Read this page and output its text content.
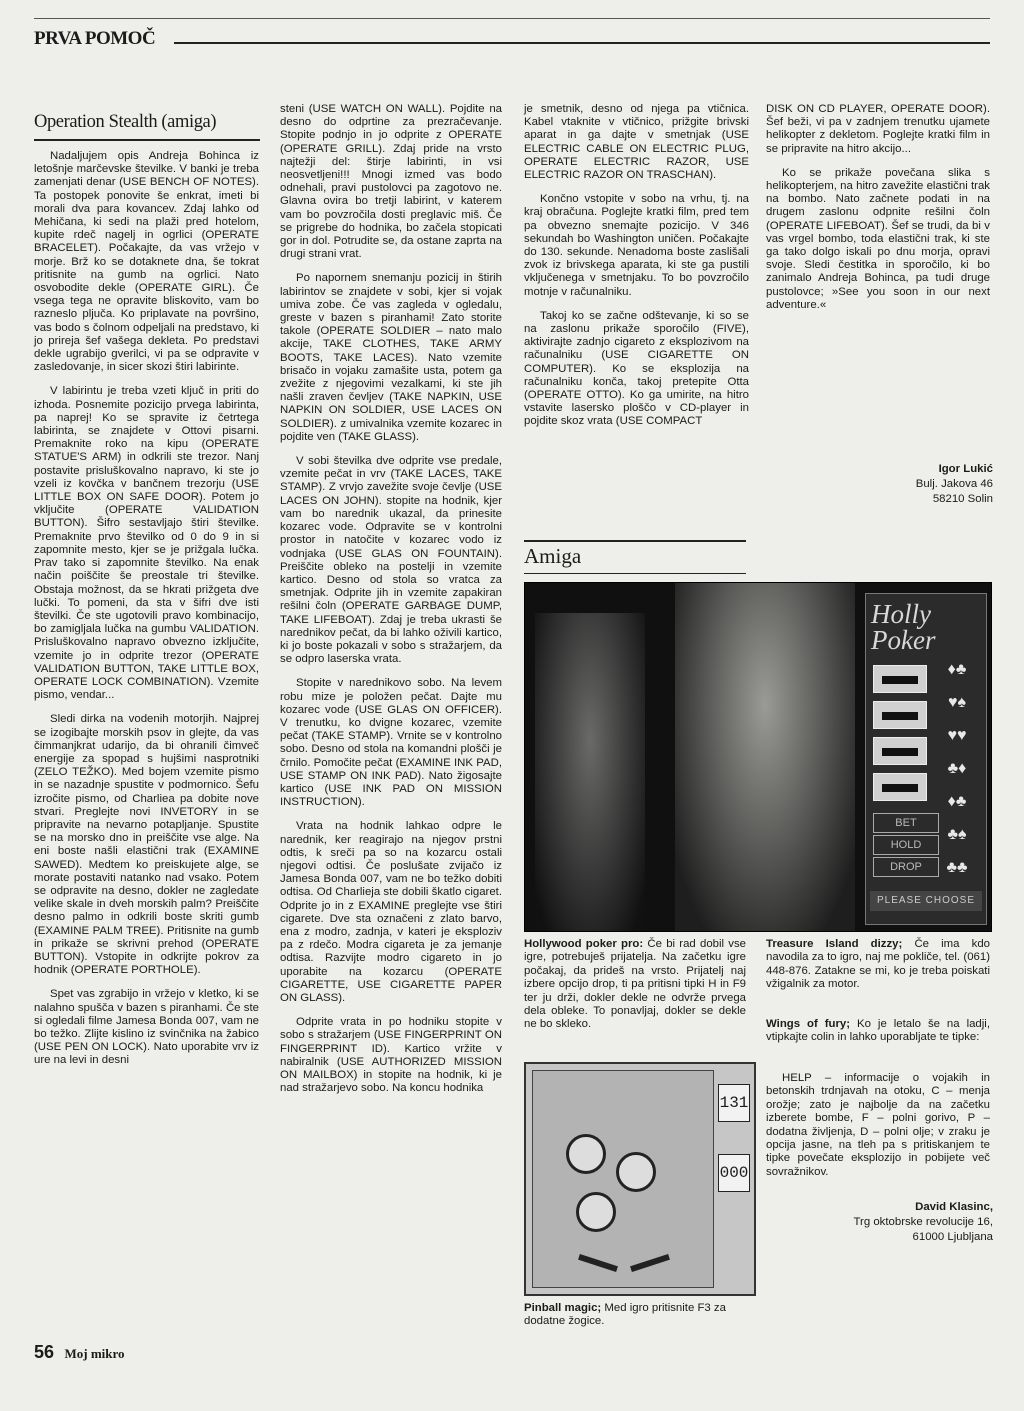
PRVA POMOČ
Operation Stealth (amiga)

Nadaljujem opis Andreja Bohinca iz letošnje marčevske številke. V banki je treba zamenjati denar (USE BENCH OF NOTES). Ta postopek ponovite še enkrat, imeti bi morali dva para kovancev. Zdaj lahko od Mehičana, ki sedi na plaži pred hotelom, kupite rdeč nagelj in ogrlici (OPERATE BRACELET). Počakajte, da vas vržejo v morje. Brž ko se dotaknete dna, še tokrat pritisnite na gumb na ogrlici. Nato osvobodite dekle (OPERATE GIRL). Če vsega tega ne opravite bliskovito, vam bo razneslo pljuča. Ko priplavate na površino, vas bodo s čolnom odpeljali na predstavo, ki jo prireja šef vašega dekleta. Po predstavi dekle ugrabijo gverilci, vi pa se odpravite v zasledovanje, in sicer skozi štiri labirinte.

V labirintu je treba vzeti ključ in priti do izhoda. Posnemite pozicijo prvega labirinta, pa naprej! Ko se spravite iz četrtega labirinta, se znajdete v Ottovi pisarni. Premaknite roko na kipu (OPERATE STATUE'S ARM) in odkrili ste trezor. Nanj postavite prisluškovalno napravo, ki ste jo vzeli iz kovčka v bančnem trezorju (USE LITTLE BOX ON SAFE DOOR). Potem jo vključite (OPERATE VALIDATION BUTTON). Šifro sestavljajo štiri številke. Premaknite prvo številko od 0 do 9 in si zapomnite mesto, kjer se je prižgala lučka. Prav tako si zapomnite številko. Na enak način poiščite še preostale tri številke. Obstaja možnost, da se hkrati prižgeta dve lučki. To pomeni, da sta v šifri dve isti številki. Če ste ugotovili pravo kombinacijo, bo zamigljala lučka na gumbu VALIDATION. Prisluškovalno napravo obvezno izključite, vzemite jo in odprite trezor (OPERATE VALIDATION BUTTON, TAKE LITTLE BOX, OPERATE LOCK COMBINATION). Vzemite pismo, vendar...

Sledi dirka na vodenih motorjih. Najprej se izogibajte morskih psov in glejte, da vas čimmanjkrat udarijo, da bi ohranili čimveč energije za spopad s hujšimi nasprotniki (ZELO TEŽKO). Med bojem vzemite pismo in se nazadnje spustite v podmornico. Šefu izročite pismo, od Charliea pa dobite nove stvari. Preglejte novi INVETORY in se pripravite na nevarno potapljanje. Spustite se na morsko dno in preiščite vse alge. Na eni boste našli elastični trak (EXAMINE SAWED). Medtem ko preiskujete alge, se morate postaviti natanko nad vsako. Potem se odpravite na desno, dokler ne zagledate velike skale in dveh morskih palm? Preiščite desno palmo in odkrili boste skriti gumb (EXAMINE PALM TREE). Pritisnite na gumb in prikaže se skrivni prehod (OPERATE BUTTON). Vstopite in odkrijte pokrov za hodnik (OPERATE PORTHOLE).

Spet vas zgrabijo in vržejo v kletko, ki se nalahno spušča v bazen s piranhami. Če ste si ogledali filme Jamesa Bonda 007, vam ne bo težko. Zlijte kislino iz svinčnika na žabico (USE PEN ON LOCK). Nato uporabite vrv iz ure na levi in desni

steni (USE WATCH ON WALL). Pojdite na desno do odprtine za prezračevanje. Stopite podnjo in jo odprite z OPERATE (OPERATE GRILL). Zdaj pride na vrsto najtežji del: štirje labirinti, in vsi neosvetljeni!!! Mnogi izmed vas bodo odnehali, pravi pustolovci pa zagotovo ne. Glavna ovira bo tretji labirint, v katerem vam bo povzročila dosti preglavic miš. Če se prigrebe do hodnika, bo začela stopicati gor in dol. Potrudite se, da ostane zaprta na drugi strani vrat.

Po napornem snemanju pozicij in štirih labirintov se znajdete v sobi, kjer si vojak umiva zobe. Če vas zagleda v ogledalu, greste v bazen s piranhami! Zato storite takole (OPERATE SOLDIER – nato malo akcije, TAKE CLOTHES, TAKE ARMY BOOTS, TAKE LACES). Nato vzemite brisačo in vojaku zamašite usta, potem ga zvežite z njegovimi vezalkami, ki ste jih našli zraven čevljev (TAKE NAPKIN, USE NAPKIN ON SOLDIER, USE LACES ON SOLDIER). z umivalnika vzemite kozarec in pojdite ven (TAKE GLASS).

V sobi številka dve odprite vse predale, vzemite pečat in vrv (TAKE LACES, TAKE STAMP). Z vrvjo zavežite svoje čevlje (USE LACES ON JOHN). stopite na hodnik, kjer vam bo narednik ukazal, da prinesite kozarec vode. Odpravite se v kontrolni prostor in natočite v kozarec vodo iz vodnjaka (USE GLAS ON FOUNTAIN). Preiščite obleko na postelji in vzemite kartico. Desno od stola so vratca za smetnjak. Odprite jih in vzemite zapakiran rešilni čoln (OPERATE GARBAGE DUMP, TAKE LIFEBOAT). Zdaj je treba ukrasti še narednikov pečat, da bi lahko oživili kartico, ki jo boste pokazali v sobo s stražarjem, da se odpro laserska vrata.

Stopite v narednikovo sobo. Na levem robu mize je položen pečat. Dajte mu kozarec vode (USE GLAS ON OFFICER). V trenutku, ko dvigne kozarec, vzemite pečat (TAKE STAMP). Vrnite se v kontrolno sobo. Desno od stola na komandni plošči je črnilo. Pomočite pečat (EXAMINE INK PAD, USE STAMP ON INK PAD). Nato žigosajte kartico (USE INK PAD ON MISSION INSTRUCTION).

Vrata na hodnik lahkao odpre le narednik, ker reagirajo na njegov prstni odtis, k sreči pa so na kozarcu ostali njegovi odtisi. Če poslušate zvijačo iz Jamesa Bonda 007, vam ne bo težko dobiti odtisa. Od Charlieja ste dobili škatlo cigaret. Odprite jo in z EXAMINE preglejte vse štiri cigarete. Dve sta označeni z zlato barvo, ena z modro, zadnja, v kateri je eksploziv pa z rdečo. Modra cigareta je za jemanje odtisa. Razvijte modro cigareto in jo uporabite na kozarcu (OPERATE CIGARETTE, USE CIGARETTE PAPER ON GLASS).

Odprite vrata in po hodniku stopite v sobo s stražarjem (USE FINGERPRINT ON FINGERPRINT ID). Kartico vržite v nabiralnik (USE AUTHORIZED MISSION ON MAILBOX) in stopite na hodnik, ki je nad stražarjevo sobo. Na koncu hodnika

je smetnik, desno od njega pa vtičnica. Kabel vtaknite v vtičnico, prižgite brivski aparat in ga dajte v smetnjak (USE ELECTRIC CABLE ON ELECTRIC PLUG, OPERATE ELECTRIC RAZOR, USE ELECTRIC RAZOR ON TRASCHAN).

Končno vstopite v sobo na vrhu, tj. na kraj obračuna. Poglejte kratki film, pred tem pa obvezno snemajte pozicijo. V 346 sekundah bo Washington uničen. Počakajte do 130. sekunde. Nenadoma boste zaslišali zvok iz brivskega aparata, ki ste ga pustili vključenega v smetnjaku. To bo povzročilo motnje v računalniku.

Takoj ko se začne odštevanje, ki so se na zaslonu prikaže sporočilo (FIVE), aktivirajte zadnjo cigareto z eksplozivom na računalniku (USE CIGARETTE ON COMPUTER). Ko se eksplozija na računalniku konča, takoj pretepite Otta (OPERATE OTTO). Ko ga umirite, na hitro vstavite lasersko ploščo v CD-player in pojdite skoz vrata (USE COMPACT

DISK ON CD PLAYER, OPERATE DOOR). Šef beži, vi pa v zadnjem trenutku ujamete helikopter z dekletom. Poglejte kratki film in se pripravite na hitro akcijo...

Ko se prikaže povečana slika s helikopterjem, na hitro zavežite elastični trak na bombo. Nato začnete podati in na drugem zaslonu odpnite rešilni čoln (OPERATE LIFEBOAT). Šef se trudi, da bi v vas vrgel bombo, toda elastični trak, ki ste ga tako dolgo iskali po dnu morja, opravi svoje. Sledi čestitka in sporočilo, ki bo zanimalo Andreja Bohinca, pa tudi druge pustolovce; »See you soon in our next adventure.«

Igor Lukić
Bulj. Jakova 46
58210 Solin
Amiga
Holly Poker
♦♣
♥♠
♥♥
♣♦
♦♣
♣♠
♣♣
BET
HOLD
DROP
PLEASE CHOOSE
Hollywood poker pro: Če bi rad dobil vse igre, potrebuješ prijatelja. Na začetku igre počakaj, da prideš na vrsto. Prijatelj naj izbere opcijo drop, ti pa pritisni tipki H in F9 ter ju drži, dokler dekle ne odvrže prvega dela obleke. To ponavljaj, dokler se dekle ne bo skleko.
Treasure Island dizzy; Če ima kdo navodila za to igro, naj me pokliče, tel. (061) 448-876. Zatakne se mi, ko je treba poiskati vžigalnik za motor.
Wings of fury; Ko je letalo še na ladji, vtipkajte colin in lahko uporabljate te tipke:
HELP – informacije o vojakih in betonskih trdnjavah na otoku, C – menja orožje; zato je najbolje da na začetku izberete bombe, F – polni gorivo, P – dodatna življenja, D – polni olje; v zraku je opcija jasne, na tleh pa s pritiskanjem te tipke povečate eksplozijo in pobijete več sovražnikov.
David Klasinc,
Trg oktobrske revolucije 16,
61000 Ljubljana
131
000
Pinball magic; Med igro pritisnite F3 za dodatne žogice.
56 Moj mikro
